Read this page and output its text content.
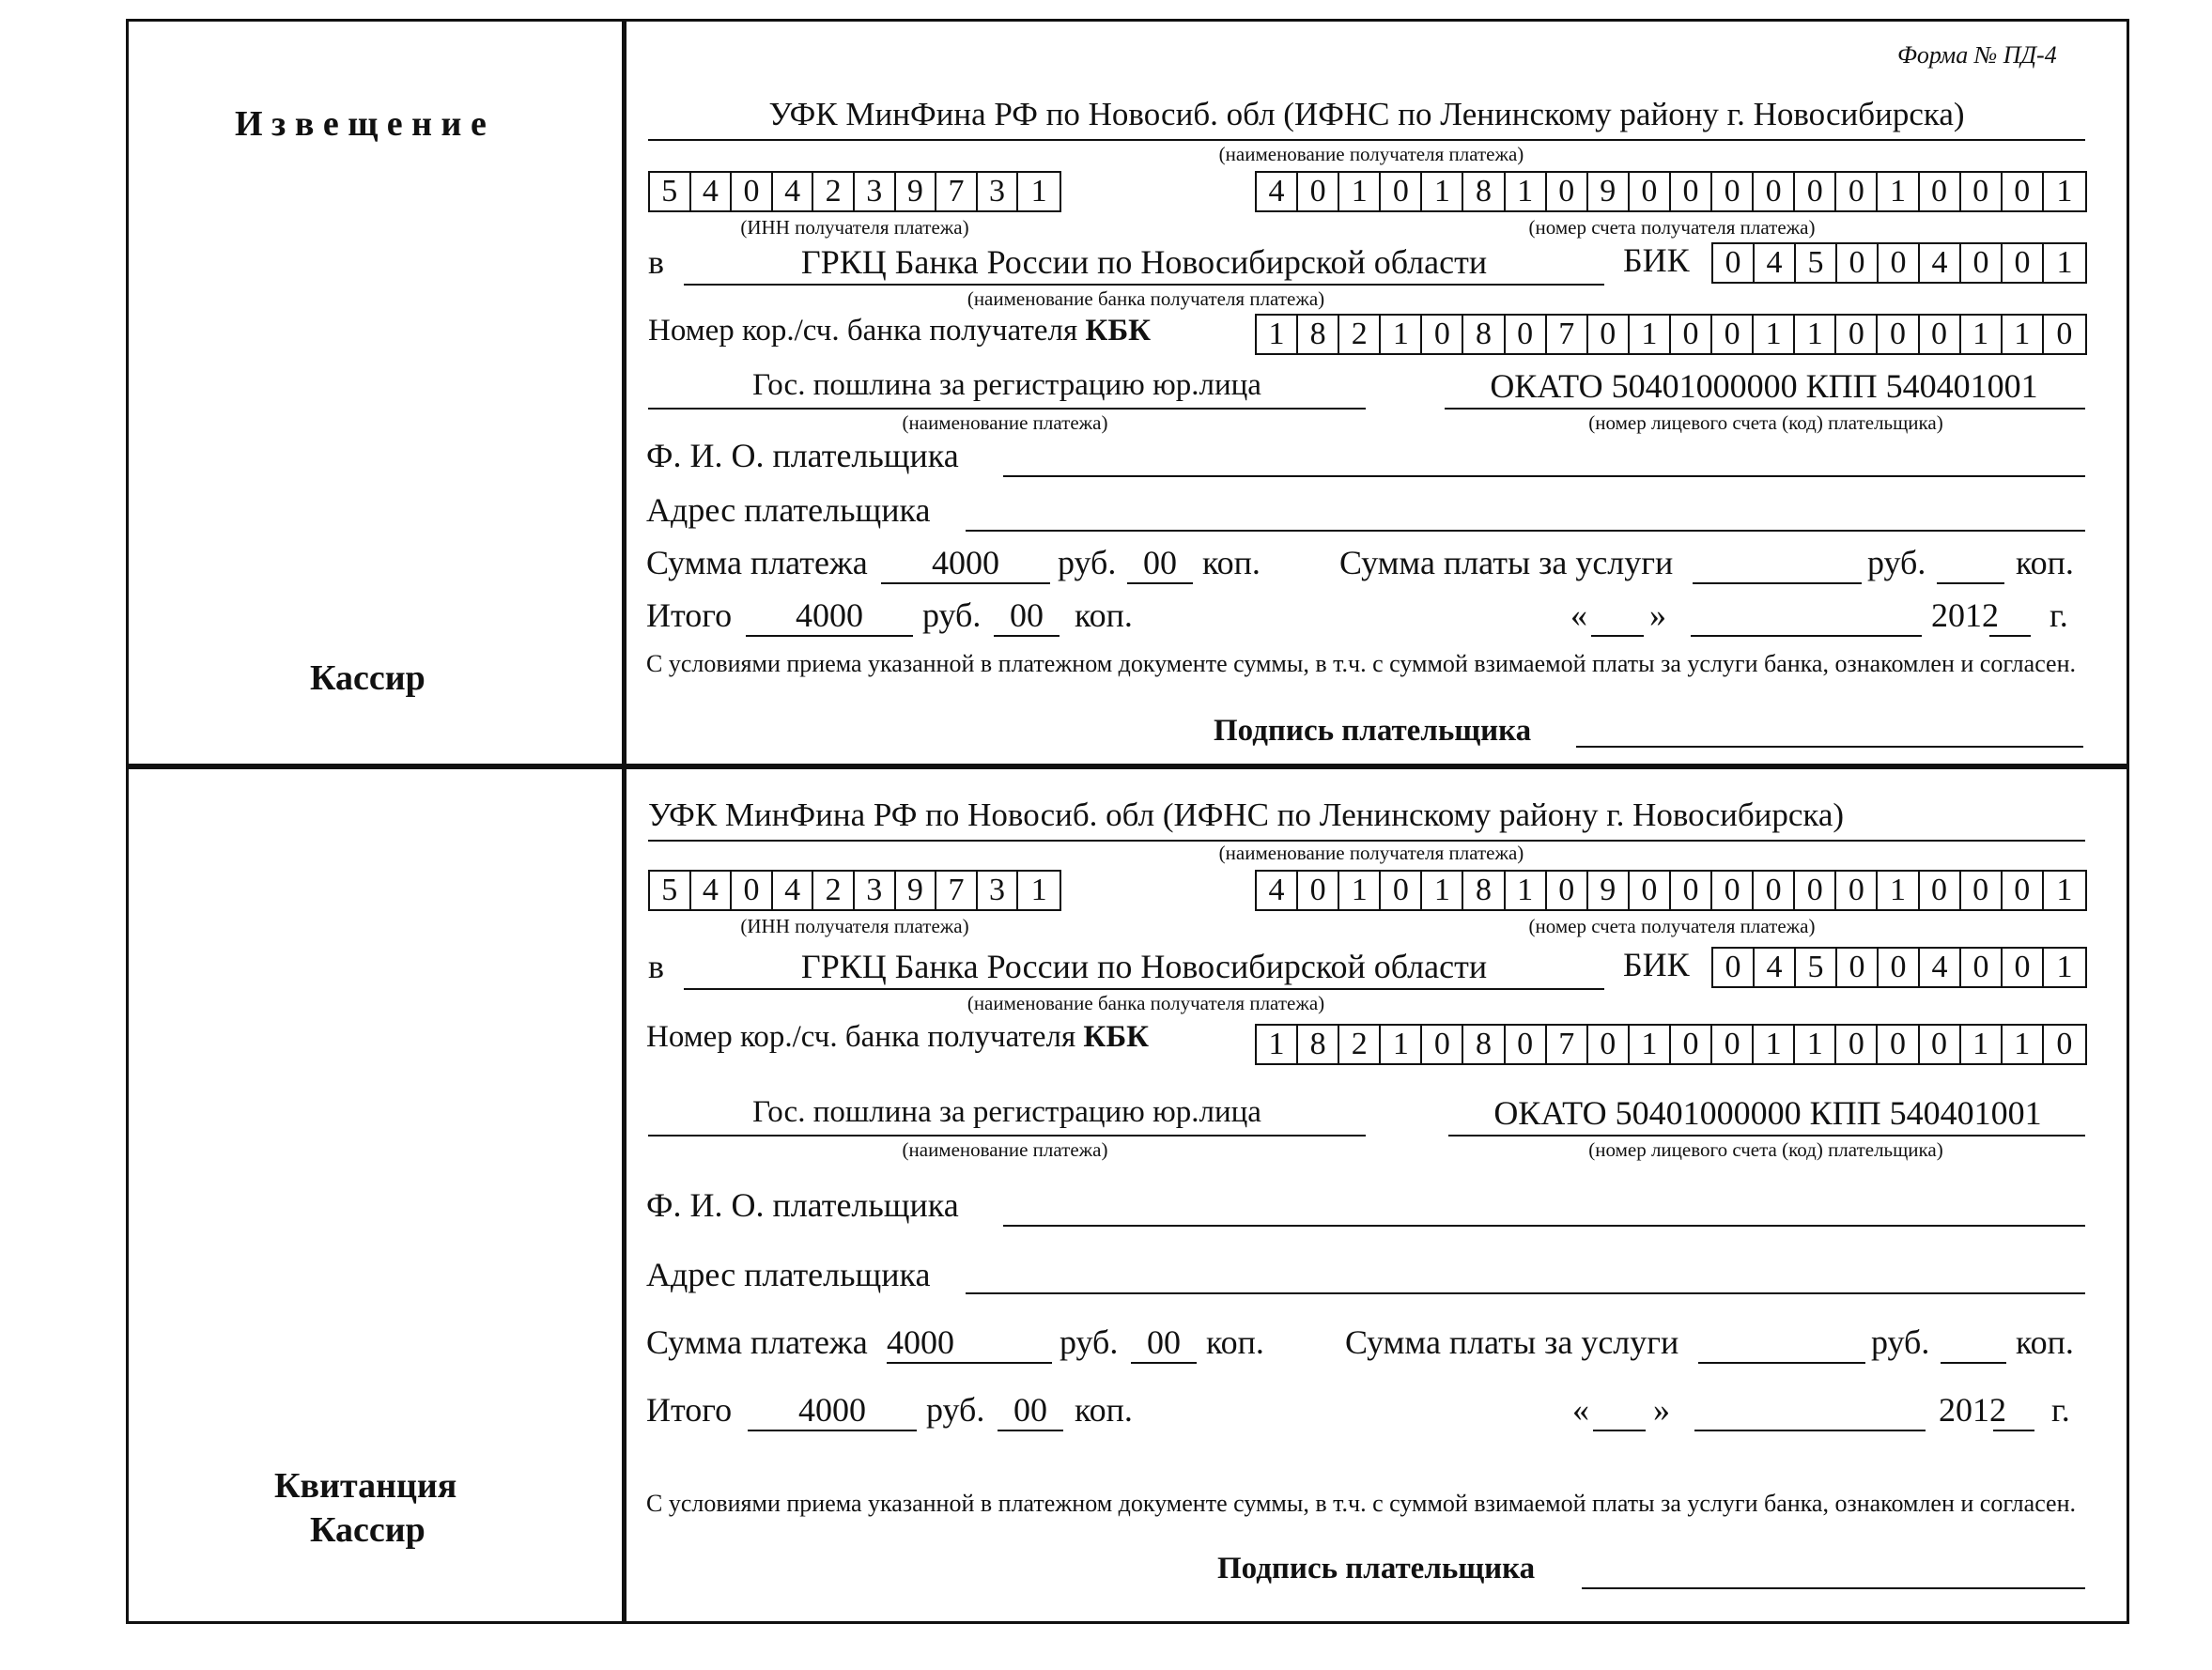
И з в е щ е н и е
Кассир
Квитанция
Кассир
Форма № ПД-4
УФК МинФина РФ по Новосиб. обл (ИФНС по Ленинскому району г. Новосибирска)
(наименование получателя платежа)
5 4 0 4 2 3 9 7 3 1	4 0 1 0 1 8 1 0 9 0 0 0 0 0 0 1 0 0 0 1
(ИНН получателя платежа)	(номер счета получателя платежа)
в	ГРКЦ Банка России по Новосибирской области	БИК	0 4 5 0 0 4 0 0 1
(наименование банка получателя платежа)
Номер кор./сч. банка получателя КБК	1 8 2 1 0 8 0 7 0 1 0 0 1 1 0 0 0 1 1 0
Гос. пошлина за регистрацию юр.лица	ОКАТО 50401000000 КПП 540401001
(наименование платежа)	(номер лицевого счета (код) плательщика)
Ф. И. О. плательщика
Адрес плательщика
Сумма платежа	4000	руб. 00 коп. Сумма платы за услуги	руб.	коп.
Итого	4000	руб. 00 коп.	« »	2012 г.
С условиями приема указанной в платежном документе суммы, в т.ч. с суммой взимаемой платы за услуги банка, ознакомлен и согласен.
Подпись плательщика
УФК МинФина РФ по Новосиб. обл (ИФНС по Ленинскому району г. Новосибирска)
(наименование получателя платежа)
5 4 0 4 2 3 9 7 3 1	4 0 1 0 1 8 1 0 9 0 0 0 0 0 0 1 0 0 0 1
(ИНН получателя платежа)	(номер счета получателя платежа)
в	ГРКЦ Банка России по Новосибирской области	БИК	0 4 5 0 0 4 0 0 1
(наименование банка получателя платежа)
Номер кор./сч. банка получателя КБК	1 8 2 1 0 8 0 7 0 1 0 0 1 1 0 0 0 1 1 0
Гос. пошлина за регистрацию юр.лица	ОКАТО 50401000000 КПП 540401001
(наименование платежа)	(номер лицевого счета (код) плательщика)
Ф. И. О. плательщика
Адрес плательщика
Сумма платежа 4000	руб. 00 коп. Сумма платы за услуги	руб.	коп.
Итого	4000	руб. 00 коп.	« »	2012 г.
С условиями приема указанной в платежном документе суммы, в т.ч. с суммой взимаемой платы за услуги банка, ознакомлен и согласен.
Подпись плательщика
